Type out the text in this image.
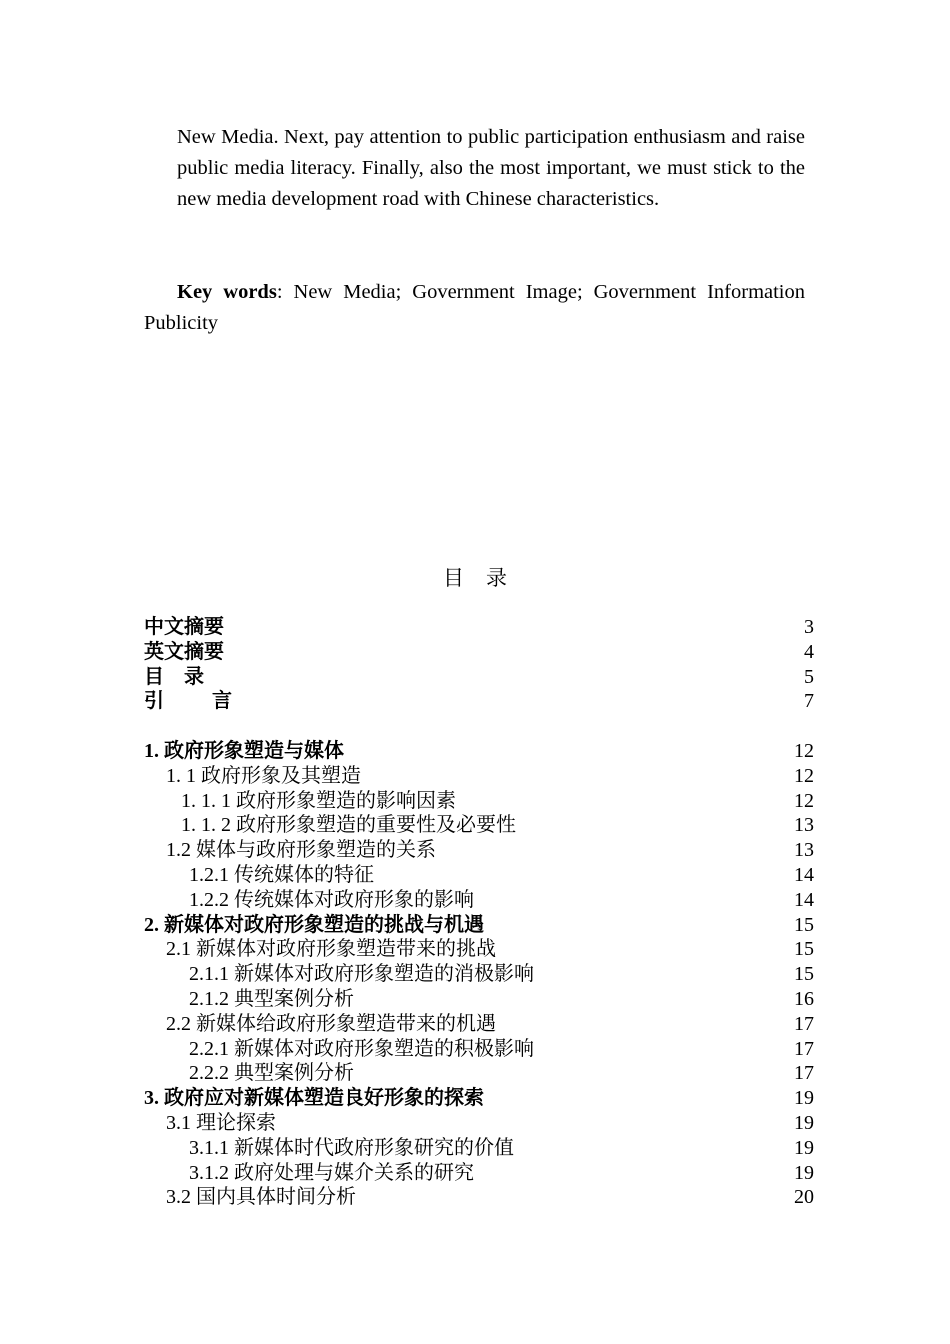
New Media. Next, pay attention to public participation enthusiasm and raise public media literacy. Finally, also the most important, we must stick to the new media development road with Chinese characteristics.
Key words: New Media; Government Image; Government Information Publicity
目录
中文摘要	3
英文摘要	4
目录	5
引言	7
1. 政府形象塑造与媒体	12
1. 1 政府形象及其塑造	12
1. 1. 1 政府形象塑造的影响因素	12
1. 1. 2 政府形象塑造的重要性及必要性	13
1.2 媒体与政府形象塑造的关系	13
1.2.1 传统媒体的特征	14
1.2.2 传统媒体对政府形象的影响	14
2. 新媒体对政府形象塑造的挑战与机遇	15
2.1 新媒体对政府形象塑造带来的挑战	15
2.1.1 新媒体对政府形象塑造的消极影响	15
2.1.2 典型案例分析	16
2.2 新媒体给政府形象塑造带来的机遇	17
2.2.1 新媒体对政府形象塑造的积极影响	17
2.2.2 典型案例分析	17
3. 政府应对新媒体塑造良好形象的探索	19
3.1 理论探索	19
3.1.1 新媒体时代政府形象研究的价值	19
3.1.2 政府处理与媒介关系的研究	19
3.2 国内具体时间分析	20
